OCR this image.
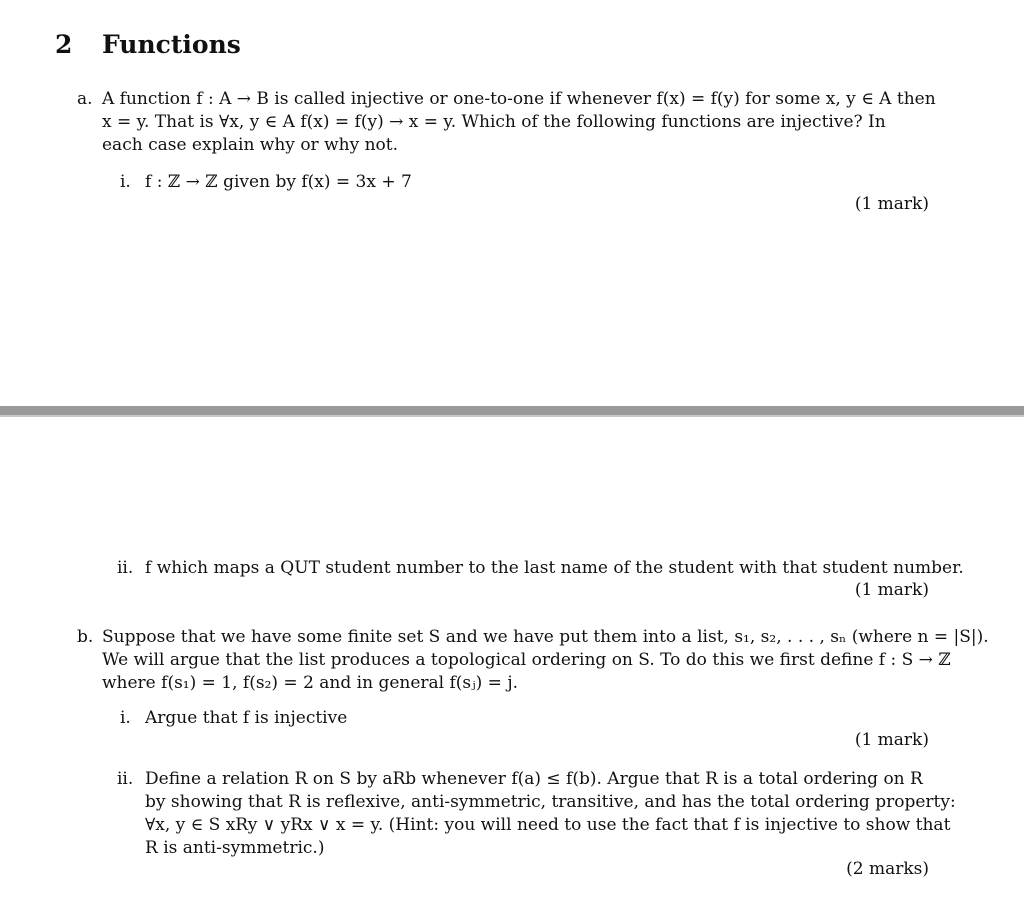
2 Functions
a. A function f : A → B is called injective or one-to-one if whenever f(x) = f(y) for some x, y ∈ A then
x = y. That is ∀x, y ∈ A f(x) = f(y) → x = y. Which of the following functions are injective? In
each case explain why or why not.
i. f : ℤ → ℤ given by f(x) = 3x + 7
(1 mark)
ii. f which maps a QUT student number to the last name of the student with that student number.
(1 mark)
b. Suppose that we have some finite set S and we have put them into a list, s₁, s₂, . . . , sₙ (where n = |S|).
We will argue that the list produces a topological ordering on S. To do this we first define f : S → ℤ
where f(s₁) = 1, f(s₂) = 2 and in general f(sⱼ) = j.
i. Argue that f is injective
(1 mark)
ii. Define a relation R on S by aRb whenever f(a) ≤ f(b). Argue that R is a total ordering on R
by showing that R is reflexive, anti-symmetric, transitive, and has the total ordering property:
∀x, y ∈ S xRy ∨ yRx ∨ x = y. (Hint: you will need to use the fact that f is injective to show that
R is anti-symmetric.)
(2 marks)
